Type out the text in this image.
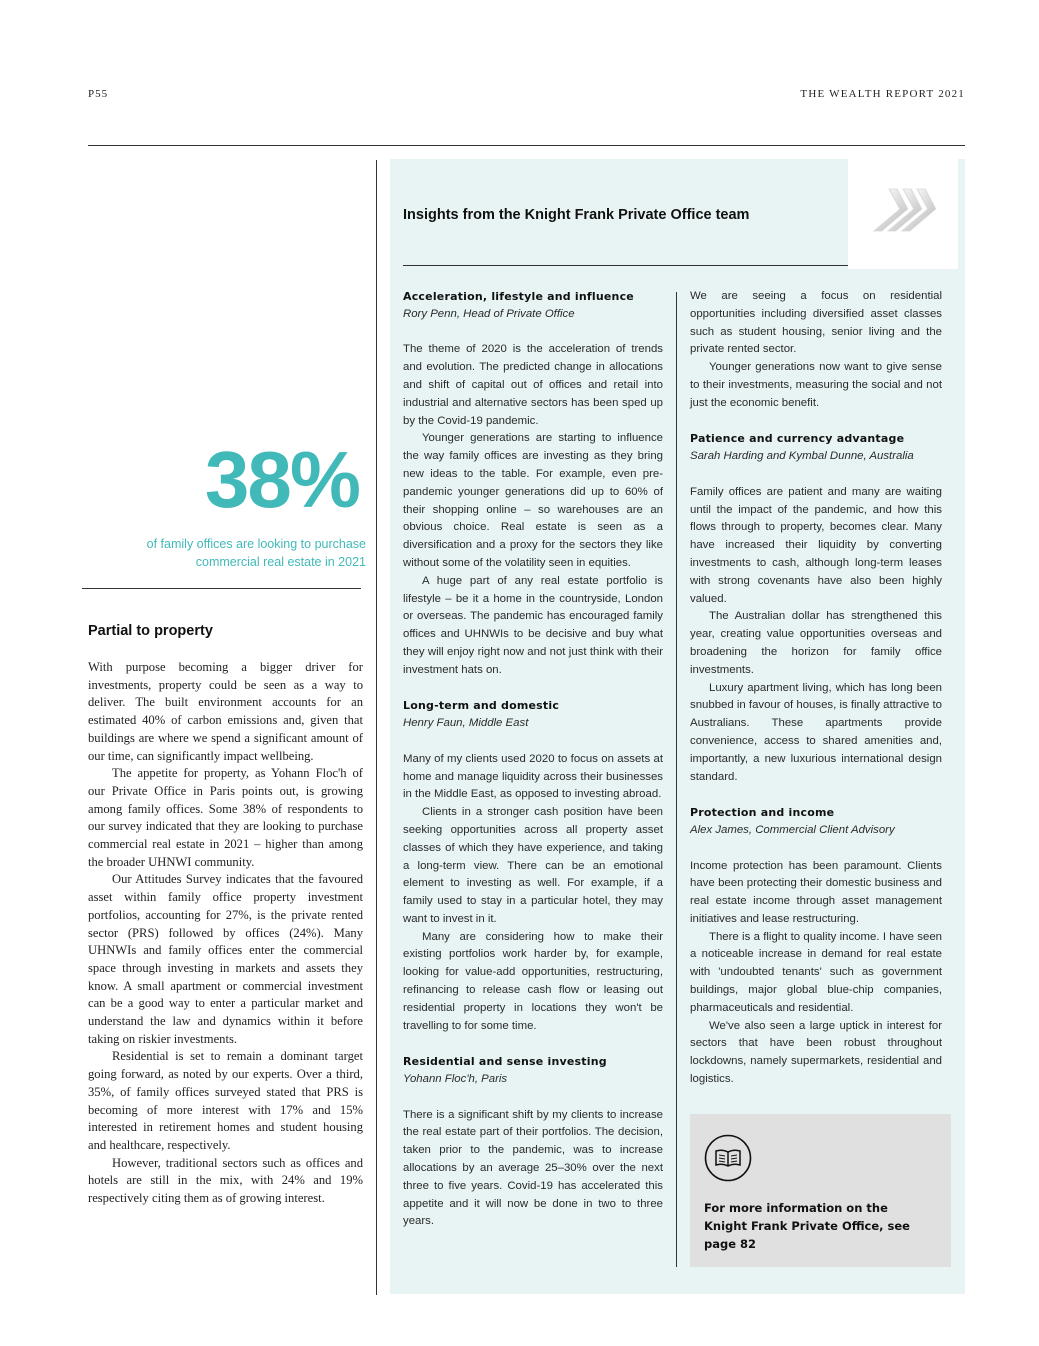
P55	THE WEALTH REPORT 2021
38%
of family offices are looking to purchase commercial real estate in 2021
Partial to property

With purpose becoming a bigger driver for investments, property could be seen as a way to deliver. The built environment accounts for an estimated 40% of carbon emissions and, given that buildings are where we spend a significant amount of our time, can significantly impact wellbeing.

The appetite for property, as Yohann Floc'h of our Private Office in Paris points out, is growing among family offices. Some 38% of respondents to our survey indicated that they are looking to purchase commercial real estate in 2021 – higher than among the broader UHNWI community.

Our Attitudes Survey indicates that the favoured asset within family office property investment portfolios, accounting for 27%, is the private rented sector (PRS) followed by offices (24%). Many UHNWIs and family offices enter the commercial space through investing in markets and assets they know. A small apartment or commercial investment can be a good way to enter a particular market and understand the law and dynamics within it before taking on riskier investments.

Residential is set to remain a dominant target going forward, as noted by our experts. Over a third, 35%, of family offices surveyed stated that PRS is becoming of more interest with 17% and 15% interested in retirement homes and student housing and healthcare, respectively.

However, traditional sectors such as offices and hotels are still in the mix, with 24% and 19% respectively citing them as of growing interest.

Insights from the Knight Frank Private Office team
Acceleration, lifestyle and influence
Rory Penn, Head of Private Office

The theme of 2020 is the acceleration of trends and evolution. The predicted change in allocations and shift of capital out of offices and retail into industrial and alternative sectors has been sped up by the Covid-19 pandemic.

Younger generations are starting to influence the way family offices are investing as they bring new ideas to the table. For example, even pre-pandemic younger generations did up to 60% of their shopping online – so warehouses are an obvious choice. Real estate is seen as a diversification and a proxy for the sectors they like without some of the volatility seen in equities.

A huge part of any real estate portfolio is lifestyle – be it a home in the countryside, London or overseas. The pandemic has encouraged family offices and UHNWIs to be decisive and buy what they will enjoy right now and not just think with their investment hats on.

Long-term and domestic
Henry Faun, Middle East

Many of my clients used 2020 to focus on assets at home and manage liquidity across their businesses in the Middle East, as opposed to investing abroad.

Clients in a stronger cash position have been seeking opportunities across all property asset classes of which they have experience, and taking a long-term view. There can be an emotional element to investing as well. For example, if a family used to stay in a particular hotel, they may want to invest in it.

Many are considering how to make their existing portfolios work harder by, for example, looking for value-add opportunities, restructuring, refinancing to release cash flow or leasing out residential property in locations they won't be travelling to for some time.

Residential and sense investing
Yohann Floc'h, Paris

There is a significant shift by my clients to increase the real estate part of their portfolios. The decision, taken prior to the pandemic, was to increase allocations by an average 25–30% over the next three to five years. Covid-19 has accelerated this appetite and it will now be done in two to three years.

We are seeing a focus on residential opportunities including diversified asset classes such as student housing, senior living and the private rented sector.

Younger generations now want to give sense to their investments, measuring the social and not just the economic benefit.

Patience and currency advantage
Sarah Harding and Kymbal Dunne, Australia

Family offices are patient and many are waiting until the impact of the pandemic, and how this flows through to property, becomes clear. Many have increased their liquidity by converting investments to cash, although long-term leases with strong covenants have also been highly valued.

The Australian dollar has strengthened this year, creating value opportunities overseas and broadening the horizon for family office investments.

Luxury apartment living, which has long been snubbed in favour of houses, is finally attractive to Australians. These apartments provide convenience, access to shared amenities and, importantly, a new luxurious international design standard.

Protection and income
Alex James, Commercial Client Advisory

Income protection has been paramount. Clients have been protecting their domestic business and real estate income through asset management initiatives and lease restructuring.

There is a flight to quality income. I have seen a noticeable increase in demand for real estate with 'undoubted tenants' such as government buildings, major global blue-chip companies, pharmaceuticals and residential.

We've also seen a large uptick in interest for sectors that have been robust throughout lockdowns, namely supermarkets, residential and logistics.

For more information on the Knight Frank Private Office, see page 82
